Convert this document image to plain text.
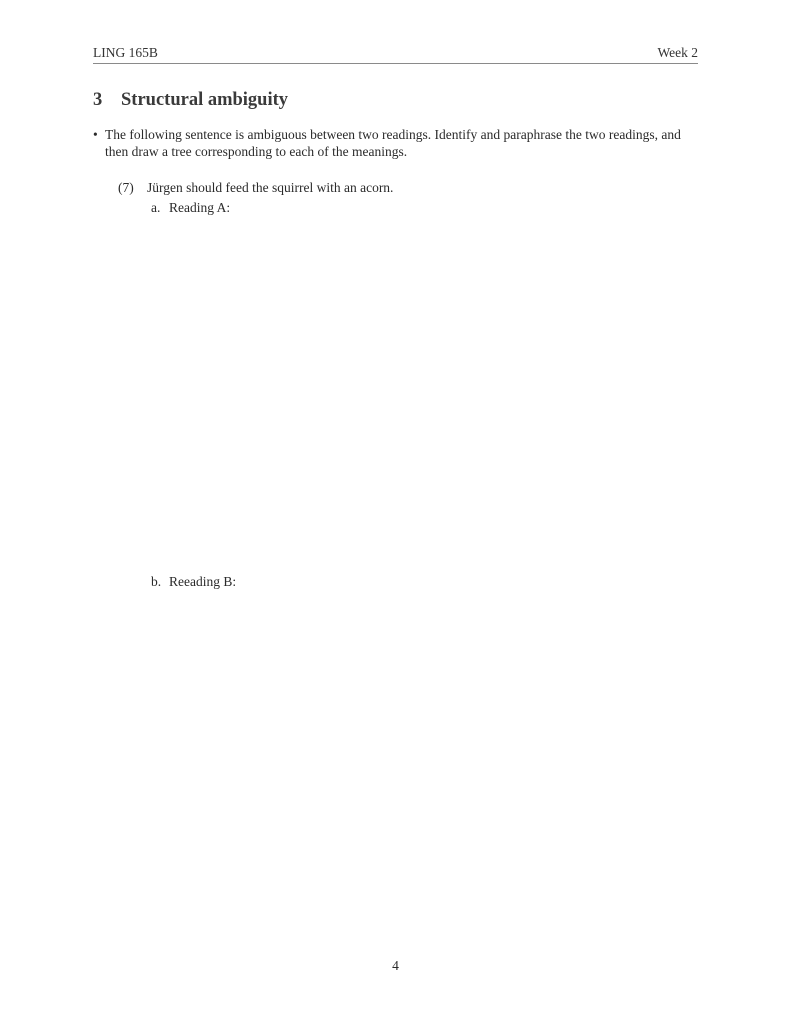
LING 165B	Week 2
3 Structural ambiguity
• The following sentence is ambiguous between two readings. Identify and paraphrase the two readings, and then draw a tree corresponding to each of the meanings.
(7) Jürgen should feed the squirrel with an acorn.
a. Reading A:
b. Reeading B:
4
